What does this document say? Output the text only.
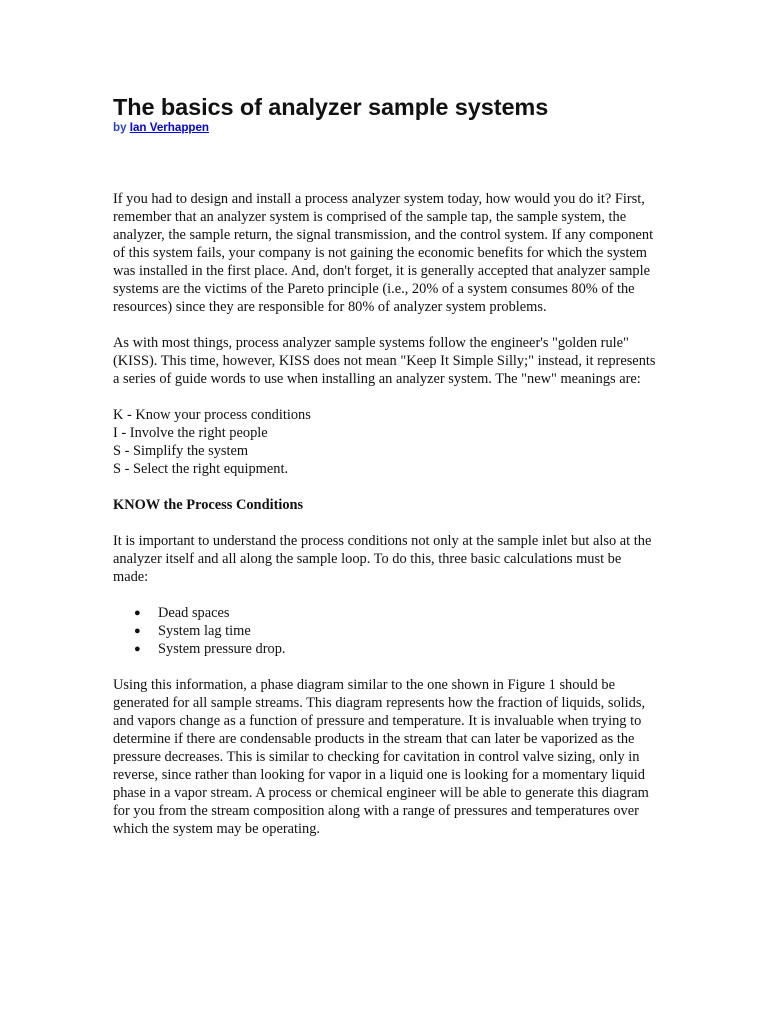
The basics of analyzer sample systems

by Ian Verhappen

If you had to design and install a process analyzer system today, how would you do it? First, remember that an analyzer system is comprised of the sample tap, the sample system, the analyzer, the sample return, the signal transmission, and the control system. If any component of this system fails, your company is not gaining the economic benefits for which the system was installed in the first place. And, don't forget, it is generally accepted that analyzer sample systems are the victims of the Pareto principle (i.e., 20% of a system consumes 80% of the resources) since they are responsible for 80% of analyzer system problems.

As with most things, process analyzer sample systems follow the engineer's "golden rule" (KISS). This time, however, KISS does not mean "Keep It Simple Silly;" instead, it represents a series of guide words to use when installing an analyzer system. The "new" meanings are:

K - Know your process conditions
I - Involve the right people
S - Simplify the system
S - Select the right equipment.

KNOW the Process Conditions

It is important to understand the process conditions not only at the sample inlet but also at the analyzer itself and all along the sample loop. To do this, three basic calculations must be made:

● Dead spaces
● System lag time
● System pressure drop.

Using this information, a phase diagram similar to the one shown in Figure 1 should be generated for all sample streams. This diagram represents how the fraction of liquids, solids, and vapors change as a function of pressure and temperature. It is invaluable when trying to determine if there are condensable products in the stream that can later be vaporized as the pressure decreases. This is similar to checking for cavitation in control valve sizing, only in reverse, since rather than looking for vapor in a liquid one is looking for a momentary liquid phase in a vapor stream. A process or chemical engineer will be able to generate this diagram for you from the stream composition along with a range of pressures and temperatures over which the system may be operating.
